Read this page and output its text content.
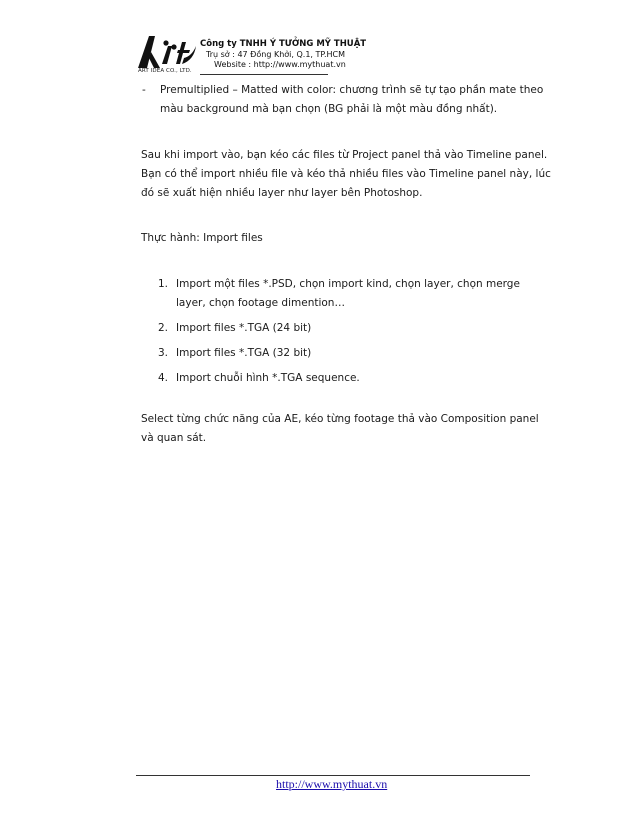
ART IDEA CO., LTD.
Công ty TNHH Ý TƯỞNG MỸ THUẬT
Trụ sở : 47 Đồng Khởi, Q.1, TP.HCM
Website : http://www.mythuat.vn
- Premultiplied – Matted with color: chương trình sẽ tự tạo phần mate theo
màu background mà bạn chọn (BG phải là một màu đồng nhất).
Sau khi import vào, bạn kéo các files từ Project panel thả vào Timeline panel.
Bạn có thể import nhiều file và kéo thả nhiều files vào Timeline panel này, lúc
đó sẽ xuất hiện nhiều layer như layer bên Photoshop.
Thực hành: Import files
1. Import một files *.PSD, chọn import kind, chọn layer, chọn merge
layer, chọn footage dimention…
2. Import files *.TGA (24 bit)
3. Import files *.TGA (32 bit)
4. Import chuỗi hình *.TGA sequence.
Select từng chức năng của AE, kéo từng footage thả vào Composition panel
và quan sát.
http://www.mythuat.vn
